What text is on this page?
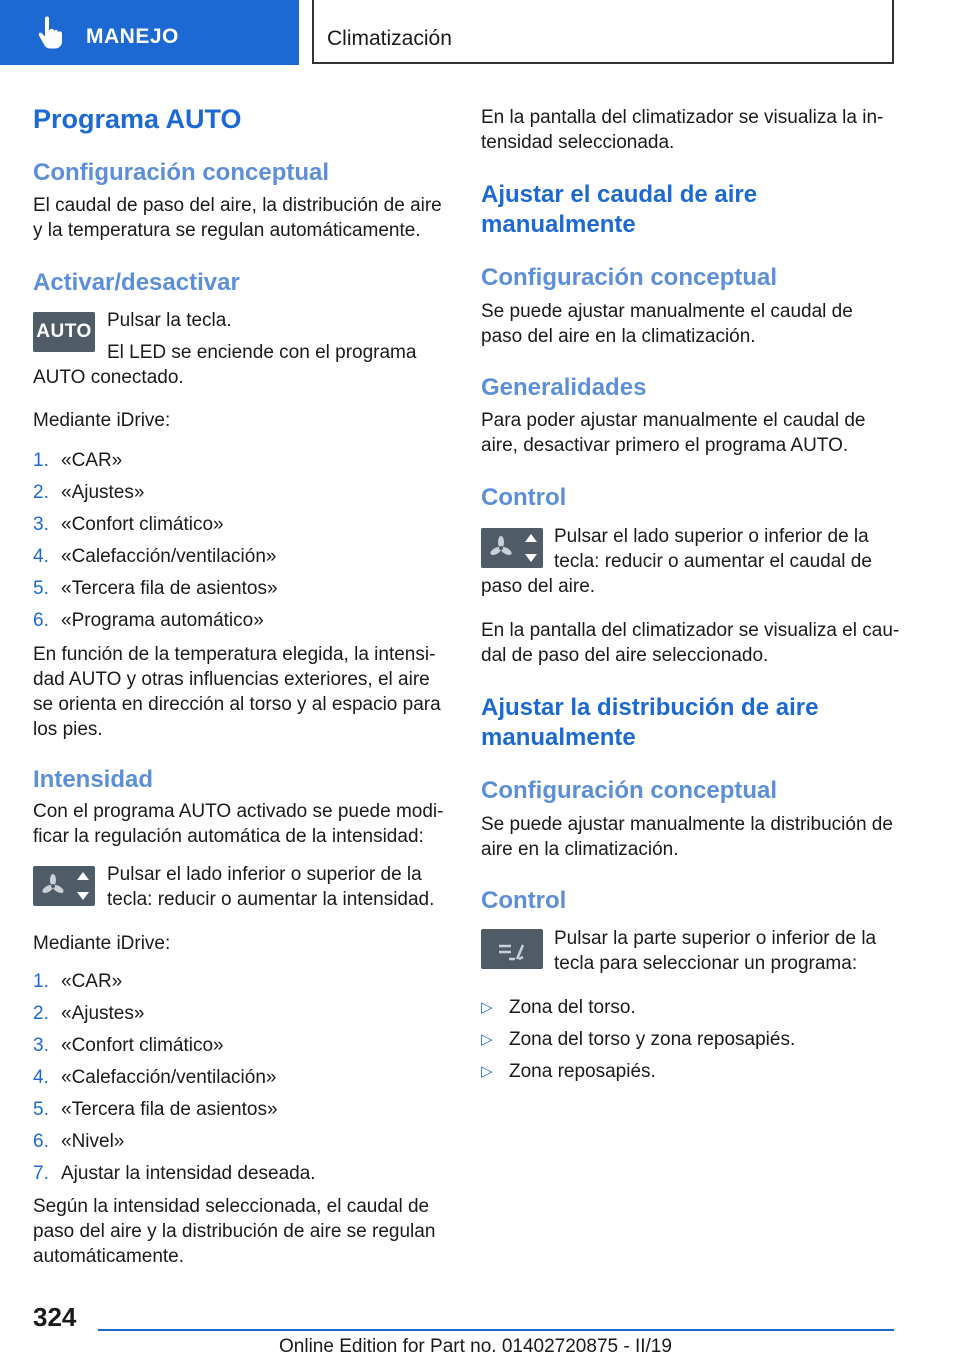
MANEJO	Climatización
Programa AUTO
Configuración conceptual
El caudal de paso del aire, la distribución de aire
y la temperatura se regulan automáticamente.
Activar/desactivar
AUTO
Pulsar la tecla.
El LED se enciende con el programa
AUTO conectado.
Mediante iDrive:
1. «CAR»
2. «Ajustes»
3. «Confort climático»
4. «Calefacción/ventilación»
5. «Tercera fila de asientos»
6. «Programa automático»
En función de la temperatura elegida, la intensi‐
dad AUTO y otras influencias exteriores, el aire
se orienta en dirección al torso y al espacio para
los pies.
Intensidad
Con el programa AUTO activado se puede modi‐
ficar la regulación automática de la intensidad:
Pulsar el lado inferior o superior de la
tecla: reducir o aumentar la intensidad.
Mediante iDrive:
1. «CAR»
2. «Ajustes»
3. «Confort climático»
4. «Calefacción/ventilación»
5. «Tercera fila de asientos»
6. «Nivel»
7. Ajustar la intensidad deseada.
Según la intensidad seleccionada, el caudal de
paso del aire y la distribución de aire se regulan
automáticamente.
En la pantalla del climatizador se visualiza la in‐
tensidad seleccionada.
Ajustar el caudal de aire
manualmente
Configuración conceptual
Se puede ajustar manualmente el caudal de
paso del aire en la climatización.
Generalidades
Para poder ajustar manualmente el caudal de
aire, desactivar primero el programa AUTO.
Control
Pulsar el lado superior o inferior de la
tecla: reducir o aumentar el caudal de
paso del aire.
En la pantalla del climatizador se visualiza el cau‐
dal de paso del aire seleccionado.
Ajustar la distribución de aire
manualmente
Configuración conceptual
Se puede ajustar manualmente la distribución de
aire en la climatización.
Control
Pulsar la parte superior o inferior de la
tecla para seleccionar un programa:
▷ Zona del torso.
▷ Zona del torso y zona reposapiés.
▷ Zona reposapiés.
324
Online Edition for Part no. 01402720875 - II/19
